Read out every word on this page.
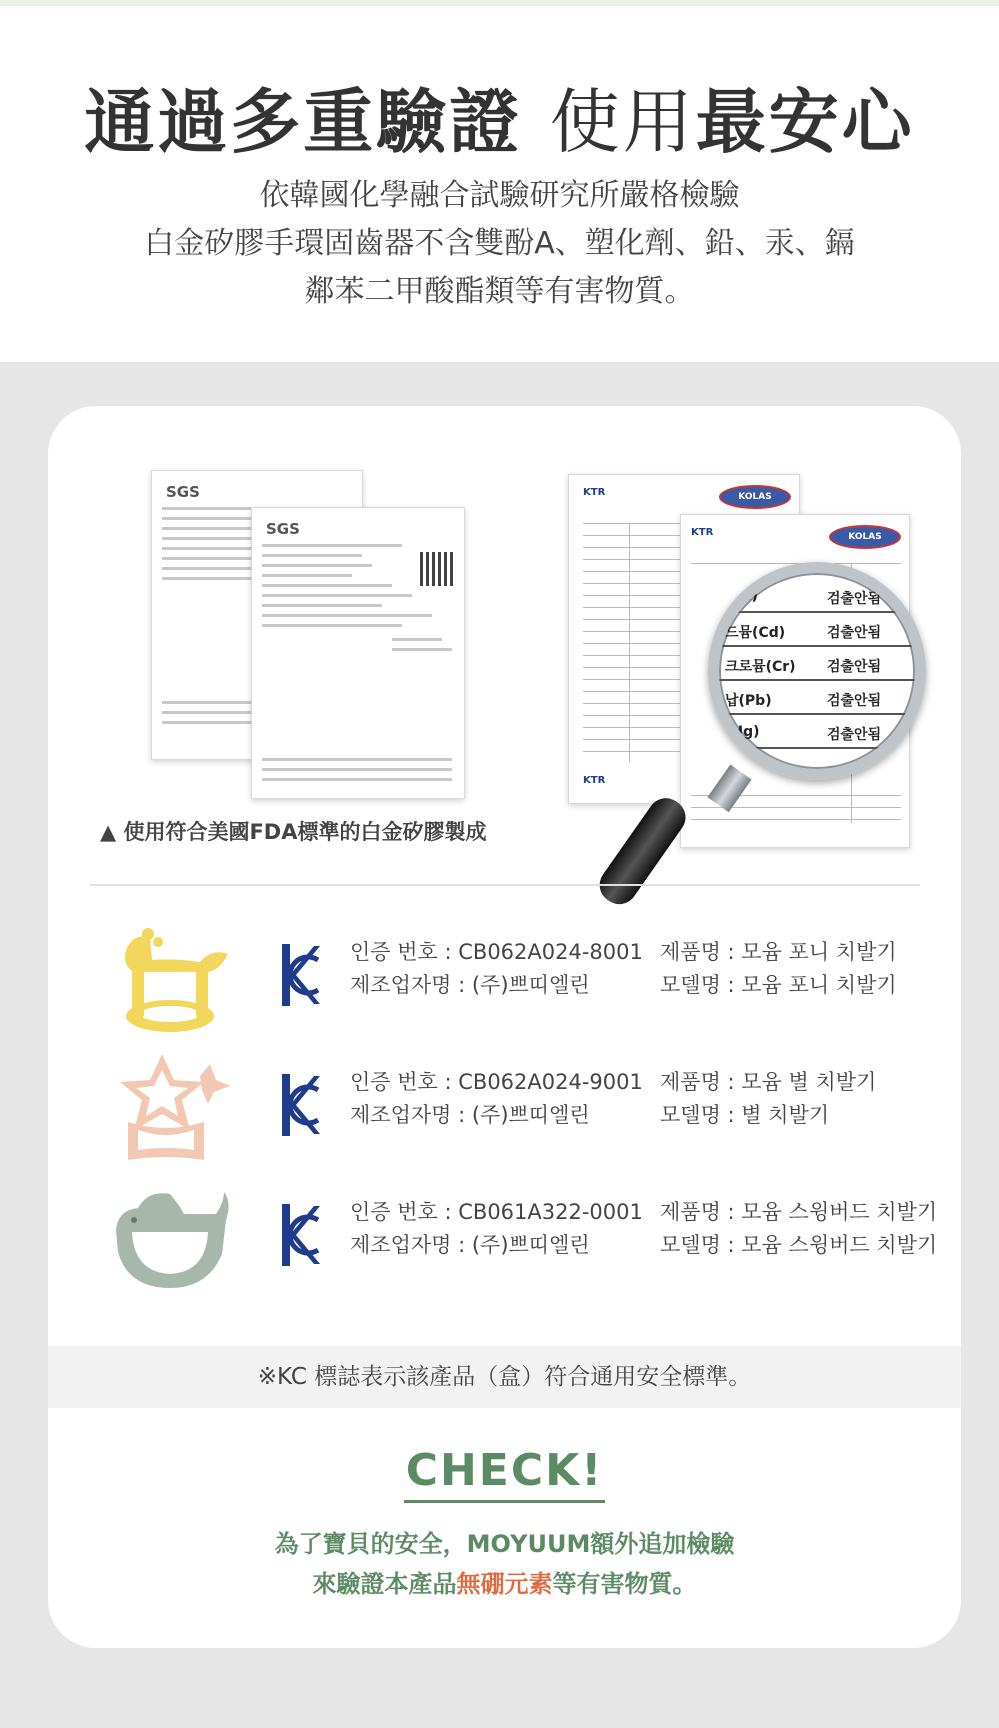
通過多重驗證 使用最安心
依韓國化學融合試驗研究所嚴格檢驗
白金矽膠手環固齒器不含雙酚A、塑化劑、鉛、汞、鎘
鄰苯二甲酸酯類等有害物質。
SGS
SGS
KTR	KOLAS
KTR
KTR	KOLAS
(Ba)	검출안됨
드뮴(Cd)	검출안됨
크로뮴(Cr) 검출안됨
납(Pb)	검출안됨
(Hg)	검출안됨
▲ 使用符合美國FDA標準的白金矽膠製成
인증 번호 : CB062A024-8001
제조업자명 : (주)쁘띠엘린
제품명 : 모윰 포니 치발기
모델명 : 모윰 포니 치발기
인증 번호 : CB062A024-9001
제조업자명 : (주)쁘띠엘린
제품명 : 모윰 별 치발기
모델명 : 별 치발기
인증 번호 : CB061A322-0001
제조업자명 : (주)쁘띠엘린
제품명 : 모윰 스윙버드 치발기
모델명 : 모윰 스윙버드 치발기
※KC 標誌表示該產品（盒）符合通用安全標準。
CHECK!
為了寶貝的安全，MOYUUM額外追加檢驗
來驗證本產品無硼元素等有害物質。
